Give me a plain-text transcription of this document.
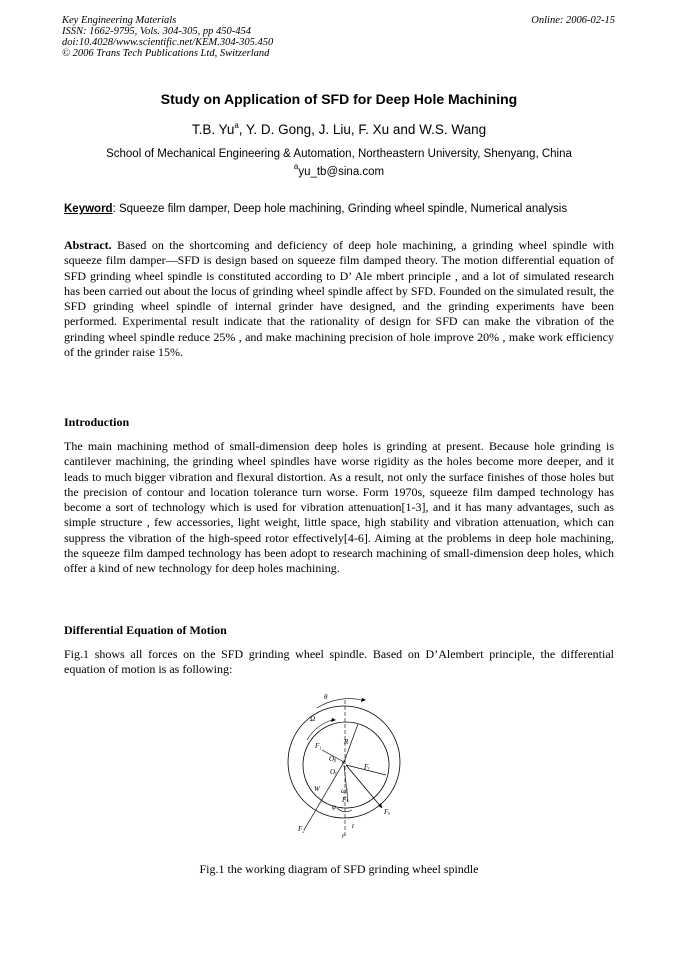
Key Engineering Materials
ISSN: 1662-9795, Vols. 304-305, pp 450-454
doi:10.4028/www.scientific.net/KEM.304-305.450
© 2006 Trans Tech Publications Ltd, Switzerland
Online: 2006-02-15
Study on Application of SFD for Deep Hole Machining
T.B. Yu$^a$, Y. D. Gong, J. Liu, F. Xu and W.S. Wang
School of Mechanical Engineering & Automation, Northeastern University, Shenyang, China
$^a$yu_tb@sina.com
Keyword: Squeeze film damper, Deep hole machining, Grinding wheel spindle, Numerical analysis
Abstract. Based on the shortcoming and deficiency of deep hole machining, a grinding wheel spindle with squeeze film damper—SFD is design based on squeeze film damped theory. The motion differential equation of SFD grinding wheel spindle is constituted according to D’ Ale mbert principle , and a lot of simulated research has been carried out about the locus of grinding wheel spindle affect by SFD. Founded on the simulated result, the SFD grinding wheel spindle of internal grinder have designed, and the grinding experiments have been performed. Experimental result indicate that the rationality of design for SFD can make the vibration of the grinding wheel spindle reduce 25% , and make machining precision of hole improve 20% , make work efficiency of the grinder raise 15%.
Introduction
The main machining method of small-dimension deep holes is grinding at present. Because hole grinding is cantilever machining, the grinding wheel spindles have worse rigidity as the holes become more deeper, and it leads to much bigger vibration and flexural distortion. As a result, not only the surface finishes of those holes but the precision of contour and location tolerance turn worse. Form 1970s, squeeze film damped technology has become a sort of technology which is used for vibration attenuation[1-3], and it has many advantages, such as simple structure , few accessories, light weight, little space, high stability and vibration attenuation, which can suppress the vibration of the high-speed rotor effectively[4-6]. Aiming at the problems in deep hole machining, the squeeze film damped technology has been adopt to research machining of small-dimension deep holes, which offer a kind of new technology for deep holes machining.
Differential Equation of Motion
Fig.1 shows all forces on the SFD grinding wheel spindle. Based on D’Alembert principle, the differential equation of motion is as following:
θ
Ω
F₁	R
Oᵦ e
Oⱼ
Fᵣ
W	ωt
Fₜ
φ
F₂
Fᵤ
t
r
Fig.1 the working diagram of SFD grinding wheel spindle
